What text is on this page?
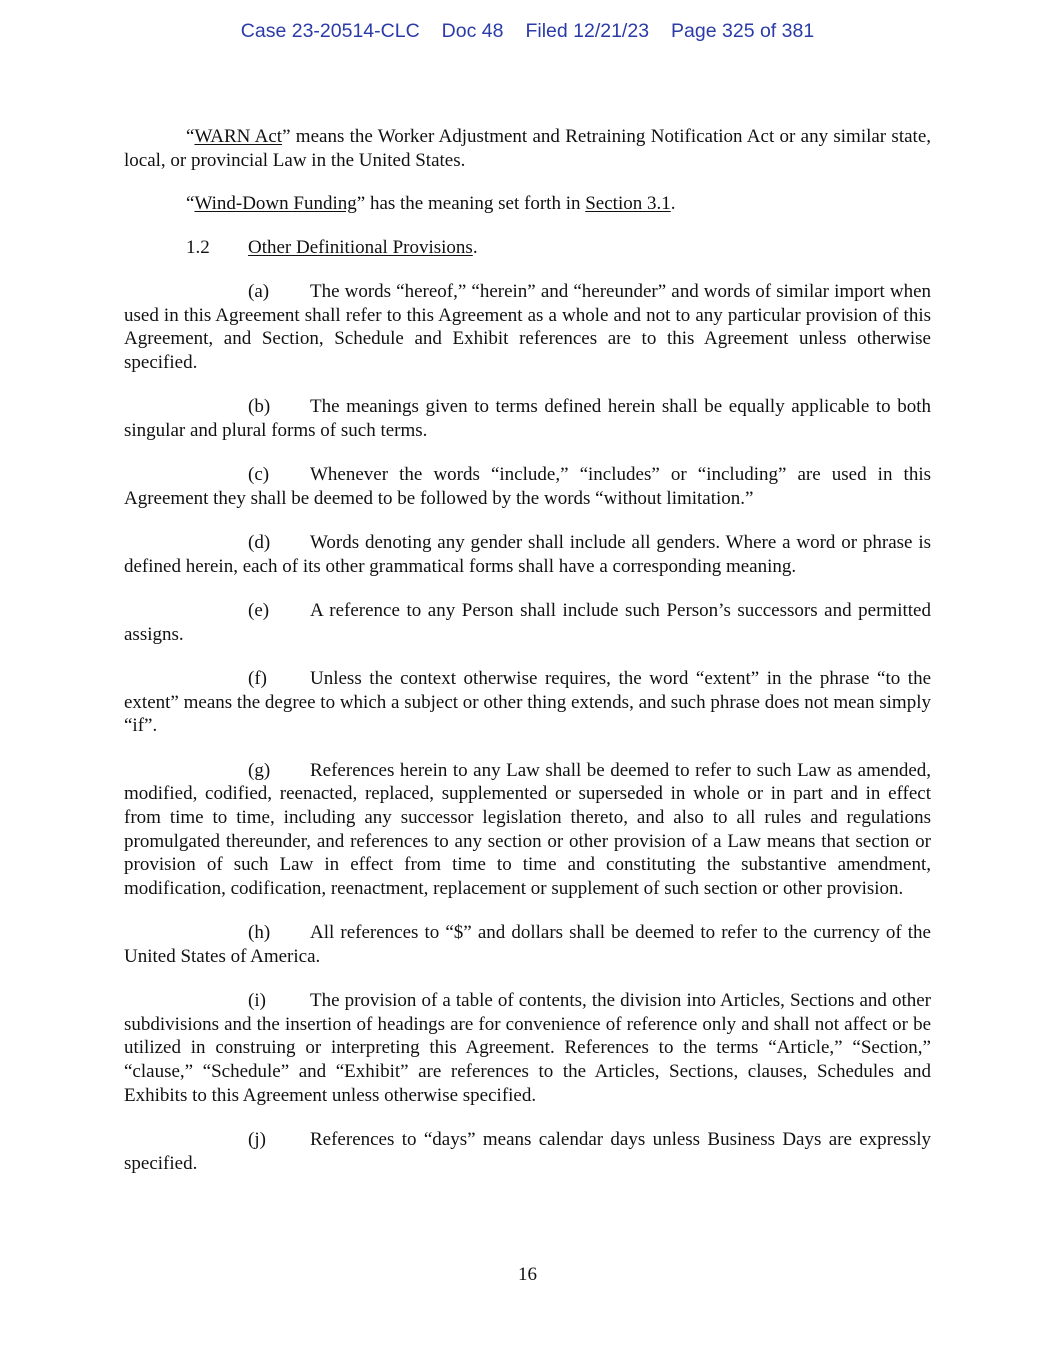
Case 23-20514-CLC Doc 48 Filed 12/21/23 Page 325 of 381

“WARN Act” means the Worker Adjustment and Retraining Notification Act or any similar state, local, or provincial Law in the United States.

“Wind-Down Funding” has the meaning set forth in Section 3.1.

1.2 Other Definitional Provisions.

(a) The words “hereof,” “herein” and “hereunder” and words of similar import when used in this Agreement shall refer to this Agreement as a whole and not to any particular provision of this Agreement, and Section, Schedule and Exhibit references are to this Agreement unless otherwise specified.

(b) The meanings given to terms defined herein shall be equally applicable to both singular and plural forms of such terms.

(c) Whenever the words “include,” “includes” or “including” are used in this Agreement they shall be deemed to be followed by the words “without limitation.”

(d) Words denoting any gender shall include all genders. Where a word or phrase is defined herein, each of its other grammatical forms shall have a corresponding meaning.

(e) A reference to any Person shall include such Person’s successors and permitted assigns.

(f) Unless the context otherwise requires, the word “extent” in the phrase “to the extent” means the degree to which a subject or other thing extends, and such phrase does not mean simply “if”.

(g) References herein to any Law shall be deemed to refer to such Law as amended, modified, codified, reenacted, replaced, supplemented or superseded in whole or in part and in effect from time to time, including any successor legislation thereto, and also to all rules and regulations promulgated thereunder, and references to any section or other provision of a Law means that section or provision of such Law in effect from time to time and constituting the substantive amendment, modification, codification, reenactment, replacement or supplement of such section or other provision.

(h) All references to “$” and dollars shall be deemed to refer to the currency of the United States of America.

(i) The provision of a table of contents, the division into Articles, Sections and other subdivisions and the insertion of headings are for convenience of reference only and shall not affect or be utilized in construing or interpreting this Agreement. References to the terms “Article,” “Section,” “clause,” “Schedule” and “Exhibit” are references to the Articles, Sections, clauses, Schedules and Exhibits to this Agreement unless otherwise specified.

(j) References to “days” means calendar days unless Business Days are expressly specified.

16
